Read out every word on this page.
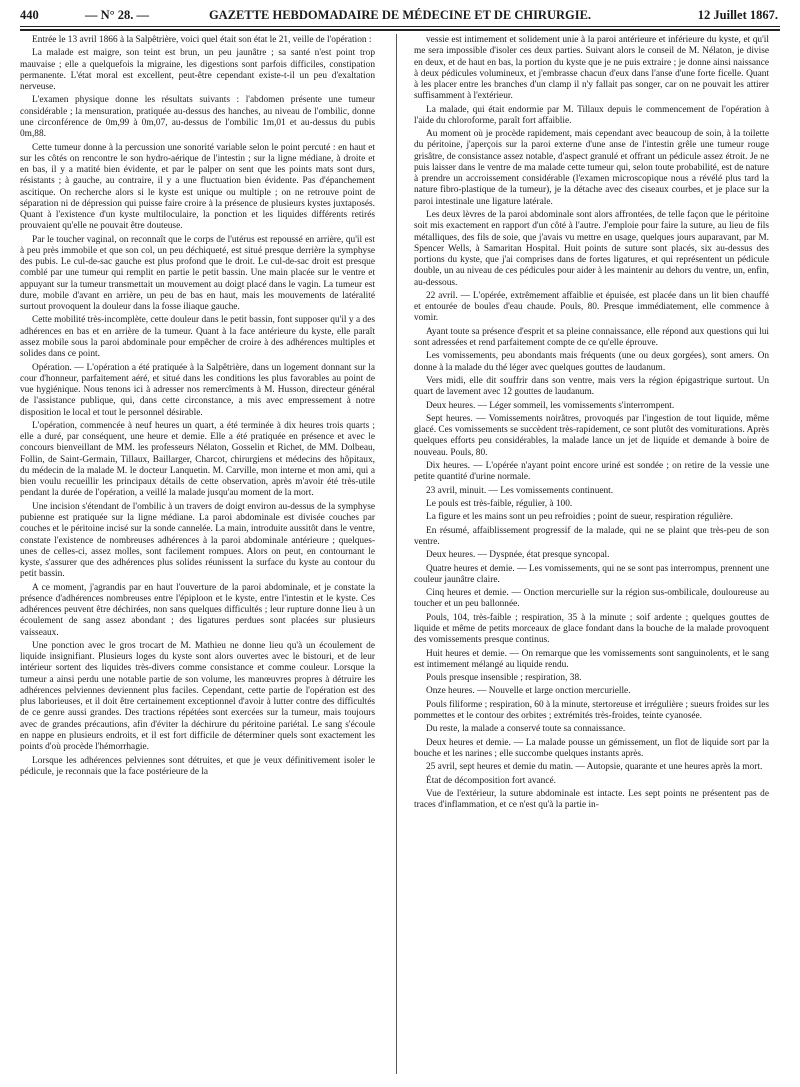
440	— N° 28. —	GAZETTE HEBDOMADAIRE DE MÉDECINE ET DE CHIRURGIE.	12 Juillet 1867.

Entrée le 13 avril 1866 à la Salpêtrière, voici quel était son état le 21, veille de l'opération :

La malade est maigre, son teint est brun, un peu jaunâtre ; sa santé n'est point trop mauvaise ; elle a quelquefois la migraine, les digestions sont parfois difficiles, constipation permanente. L'état moral est excellent, peut-être cependant existe-t-il un peu d'exaltation nerveuse.

L'examen physique donne les résultats suivants : l'abdomen présente une tumeur considérable ; la mensuration, pratiquée au-dessus des hanches, au niveau de l'ombilic, donne une circonférence de 0m,99 à 0m,07, au-dessus de l'ombilic 1m,01 et au-dessus du pubis 0m,88.

Cette tumeur donne à la percussion une sonorité variable selon le point percuté : en haut et sur les côtés on rencontre le son hydro-aérique de l'intestin ; sur la ligne médiane, à droite et en bas, il y a matité bien évidente, et par le palper on sent que les points mats sont durs, résistants ; à gauche, au contraire, il y a une fluctuation bien évidente. Pas d'épanchement ascitique. On recherche alors si le kyste est unique ou multiple ; on ne retrouve point de séparation ni de dépression qui puisse faire croire à la présence de plusieurs kystes juxtaposés. Quant à l'existence d'un kyste multiloculaire, la ponction et les liquides différents retirés prouvaient qu'elle ne pouvait être douteuse.

Par le toucher vaginal, on reconnaît que le corps de l'utérus est repoussé en arrière, qu'il est à peu près immobile et que son col, un peu déchiqueté, est situé presque derrière la symphyse des pubis. Le cul-de-sac gauche est plus profond que le droit. Le cul-de-sac droit est presque comblé par une tumeur qui remplit en partie le petit bassin. Une main placée sur le ventre et appuyant sur la tumeur transmettait un mouvement au doigt placé dans le vagin. La tumeur est dure, mobile d'avant en arrière, un peu de bas en haut, mais les mouvements de latéralité surtout provoquent la douleur dans la fosse iliaque gauche.

Cette mobilité très-incomplète, cette douleur dans le petit bassin, font supposer qu'il y a des adhérences en bas et en arrière de la tumeur. Quant à la face antérieure du kyste, elle paraît assez mobile sous la paroi abdominale pour empêcher de croire à des adhérences multiples et solides dans ce point.

Opération. — L'opération a été pratiquée à la Salpêtrière, dans un logement donnant sur la cour d'honneur, parfaitement aéré, et situé dans les conditions les plus favorables au point de vue hygiénique. Nous tenons ici à adresser nos remercîments à M. Husson, directeur général de l'assistance publique, qui, dans cette circonstance, a mis avec empressement à notre disposition le local et tout le personnel désirable.

L'opération, commencée à neuf heures un quart, a été terminée à dix heures trois quarts ; elle a duré, par conséquent, une heure et demie. Elle a été pratiquée en présence et avec le concours bienveillant de MM. les professeurs Nélaton, Gosselin et Richet, de MM. Dolbeau, Follin, de Saint-Germain, Tillaux, Baillarger, Charcot, chirurgiens et médecins des hôpitaux, du médecin de la malade M. le docteur Lanquetin. M. Carville, mon interne et mon ami, qui a bien voulu recueillir les principaux détails de cette observation, après m'avoir été très-utile pendant la durée de l'opération, a veillé la malade jusqu'au moment de la mort.

Une incision s'étendant de l'ombilic à un travers de doigt environ au-dessus de la symphyse pubienne est pratiquée sur la ligne médiane. La paroi abdominale est divisée couches par couches et le péritoine incisé sur la sonde cannelée. La main, introduite aussitôt dans le ventre, constate l'existence de nombreuses adhérences à la paroi abdominale antérieure ; quelques-unes de celles-ci, assez molles, sont facilement rompues. Alors on peut, en contournant le kyste, s'assurer que des adhérences plus solides réunissent la surface du kyste au contour du petit bassin.

A ce moment, j'agrandis par en haut l'ouverture de la paroi abdominale, et je constate la présence d'adhérences nombreuses entre l'épiploon et le kyste, entre l'intestin et le kyste. Ces adhérences peuvent être déchirées, non sans quelques difficultés ; leur rupture donne lieu à un écoulement de sang assez abondant ; des ligatures perdues sont placées sur plusieurs vaisseaux.

Une ponction avec le gros trocart de M. Mathieu ne donne lieu qu'à un écoulement de liquide insignifiant. Plusieurs loges du kyste sont alors ouvertes avec le bistouri, et de leur intérieur sortent des liquides très-divers comme consistance et comme couleur. Lorsque la tumeur a ainsi perdu une notable partie de son volume, les manœuvres propres à détruire les adhérences pelviennes deviennent plus faciles. Cependant, cette partie de l'opération est des plus laborieuses, et il doit être certainement exceptionnel d'avoir à lutter contre des difficultés de ce genre aussi grandes. Des tractions répétées sont exercées sur la tumeur, mais toujours avec de grandes précautions, afin d'éviter la déchirure du péritoine pariétal. Le sang s'écoule en nappe en plusieurs endroits, et il est fort difficile de déterminer quels sont exactement les points d'où procède l'hémorrhagie.

Lorsque les adhérences pelviennes sont détruites, et que je veux définitivement isoler le pédicule, je reconnais que la face postérieure de la

vessie est intimement et solidement unie à la paroi antérieure et inférieure du kyste, et qu'il me sera impossible d'isoler ces deux parties. Suivant alors le conseil de M. Nélaton, je divise en deux, et de haut en bas, la portion du kyste que je ne puis extraire ; je donne ainsi naissance à deux pédicules volumineux, et j'embrasse chacun d'eux dans l'anse d'une forte ficelle. Quant à les placer entre les branches d'un clamp il n'y fallait pas songer, car on ne pouvait les attirer suffisamment à l'extérieur.

La malade, qui était endormie par M. Tillaux depuis le commencement de l'opération à l'aide du chloroforme, paraît fort affaiblie.

Au moment où je procède rapidement, mais cependant avec beaucoup de soin, à la toilette du péritoine, j'aperçois sur la paroi externe d'une anse de l'intestin grêle une tumeur rouge grisâtre, de consistance assez notable, d'aspect granulé et offrant un pédicule assez étroit. Je ne puis laisser dans le ventre de ma malade cette tumeur qui, selon toute probabilité, est de nature à prendre un accroissement considérable (l'examen microscopique nous a révélé plus tard la nature fibro-plastique de la tumeur), je la détache avec des ciseaux courbes, et je place sur la paroi intestinale une ligature latérale.

Les deux lèvres de la paroi abdominale sont alors affrontées, de telle façon que le péritoine soit mis exactement en rapport d'un côté à l'autre. J'emploie pour faire la suture, au lieu de fils métalliques, des fils de soie, que j'avais vu mettre en usage, quelques jours auparavant, par M. Spencer Wells, à Samaritan Hospital. Huit points de suture sont placés, six au-dessus des portions du kyste, que j'ai comprises dans de fortes ligatures, et qui représentent un pédicule double, un au niveau de ces pédicules pour aider à les maintenir au dehors du ventre, un, enfin, au-dessous.

22 avril. — L'opérée, extrêmement affaiblie et épuisée, est placée dans un lit bien chauffé et entourée de boules d'eau chaude. Pouls, 80. Presque immédiatement, elle commence à vomir.

Ayant toute sa présence d'esprit et sa pleine connaissance, elle répond aux questions qui lui sont adressées et rend parfaitement compte de ce qu'elle éprouve.

Les vomissements, peu abondants mais fréquents (une ou deux gorgées), sont amers. On donne à la malade du thé léger avec quelques gouttes de laudanum.

Vers midi, elle dit souffrir dans son ventre, mais vers la région épigastrique surtout. Un quart de lavement avec 12 gouttes de laudanum.

Deux heures. — Léger sommeil, les vomissements s'interrompent.

Sept heures. — Vomissements noirâtres, provoqués par l'ingestion de tout liquide, même glacé. Ces vomissements se succèdent très-rapidement, ce sont plutôt des vomiturations. Après quelques efforts peu considérables, la malade lance un jet de liquide et demande à boire de nouveau. Pouls, 80.

Dix heures. — L'opérée n'ayant point encore uriné est sondée ; on retire de la vessie une petite quantité d'urine normale.

23 avril, minuit. — Les vomissements continuent.

Le pouls est très-faible, régulier, à 100.

La figure et les mains sont un peu refroidies ; point de sueur, respiration régulière.

En résumé, affaiblissement progressif de la malade, qui ne se plaint que très-peu de son ventre.

Deux heures. — Dyspnée, état presque syncopal.

Quatre heures et demie. — Les vomissements, qui ne se sont pas interrompus, prennent une couleur jaunâtre claire.

Cinq heures et demie. — Onction mercurielle sur la région sus-ombilicale, douloureuse au toucher et un peu ballonnée.

Pouls, 104, très-faible ; respiration, 35 à la minute ; soif ardente ; quelques gouttes de liquide et même de petits morceaux de glace fondant dans la bouche de la malade provoquent des vomissements presque continus.

Huit heures et demie. — On remarque que les vomissements sont sanguinolents, et le sang est intimement mélangé au liquide rendu.

Pouls presque insensible ; respiration, 38.

Onze heures. — Nouvelle et large onction mercurielle.

Pouls filiforme ; respiration, 60 à la minute, stertoreuse et irrégulière ; sueurs froides sur les pommettes et le contour des orbites ; extrémités très-froides, teinte cyanosée.

Du reste, la malade a conservé toute sa connaissance.

Deux heures et demie. — La malade pousse un gémissement, un flot de liquide sort par la bouche et les narines ; elle succombe quelques instants après.

25 avril, sept heures et demie du matin. — Autopsie, quarante et une heures après la mort.

État de décomposition fort avancé.

Vue de l'extérieur, la suture abdominale est intacte. Les sept points ne présentent pas de traces d'inflammation, et ce n'est qu'à la partie in-
